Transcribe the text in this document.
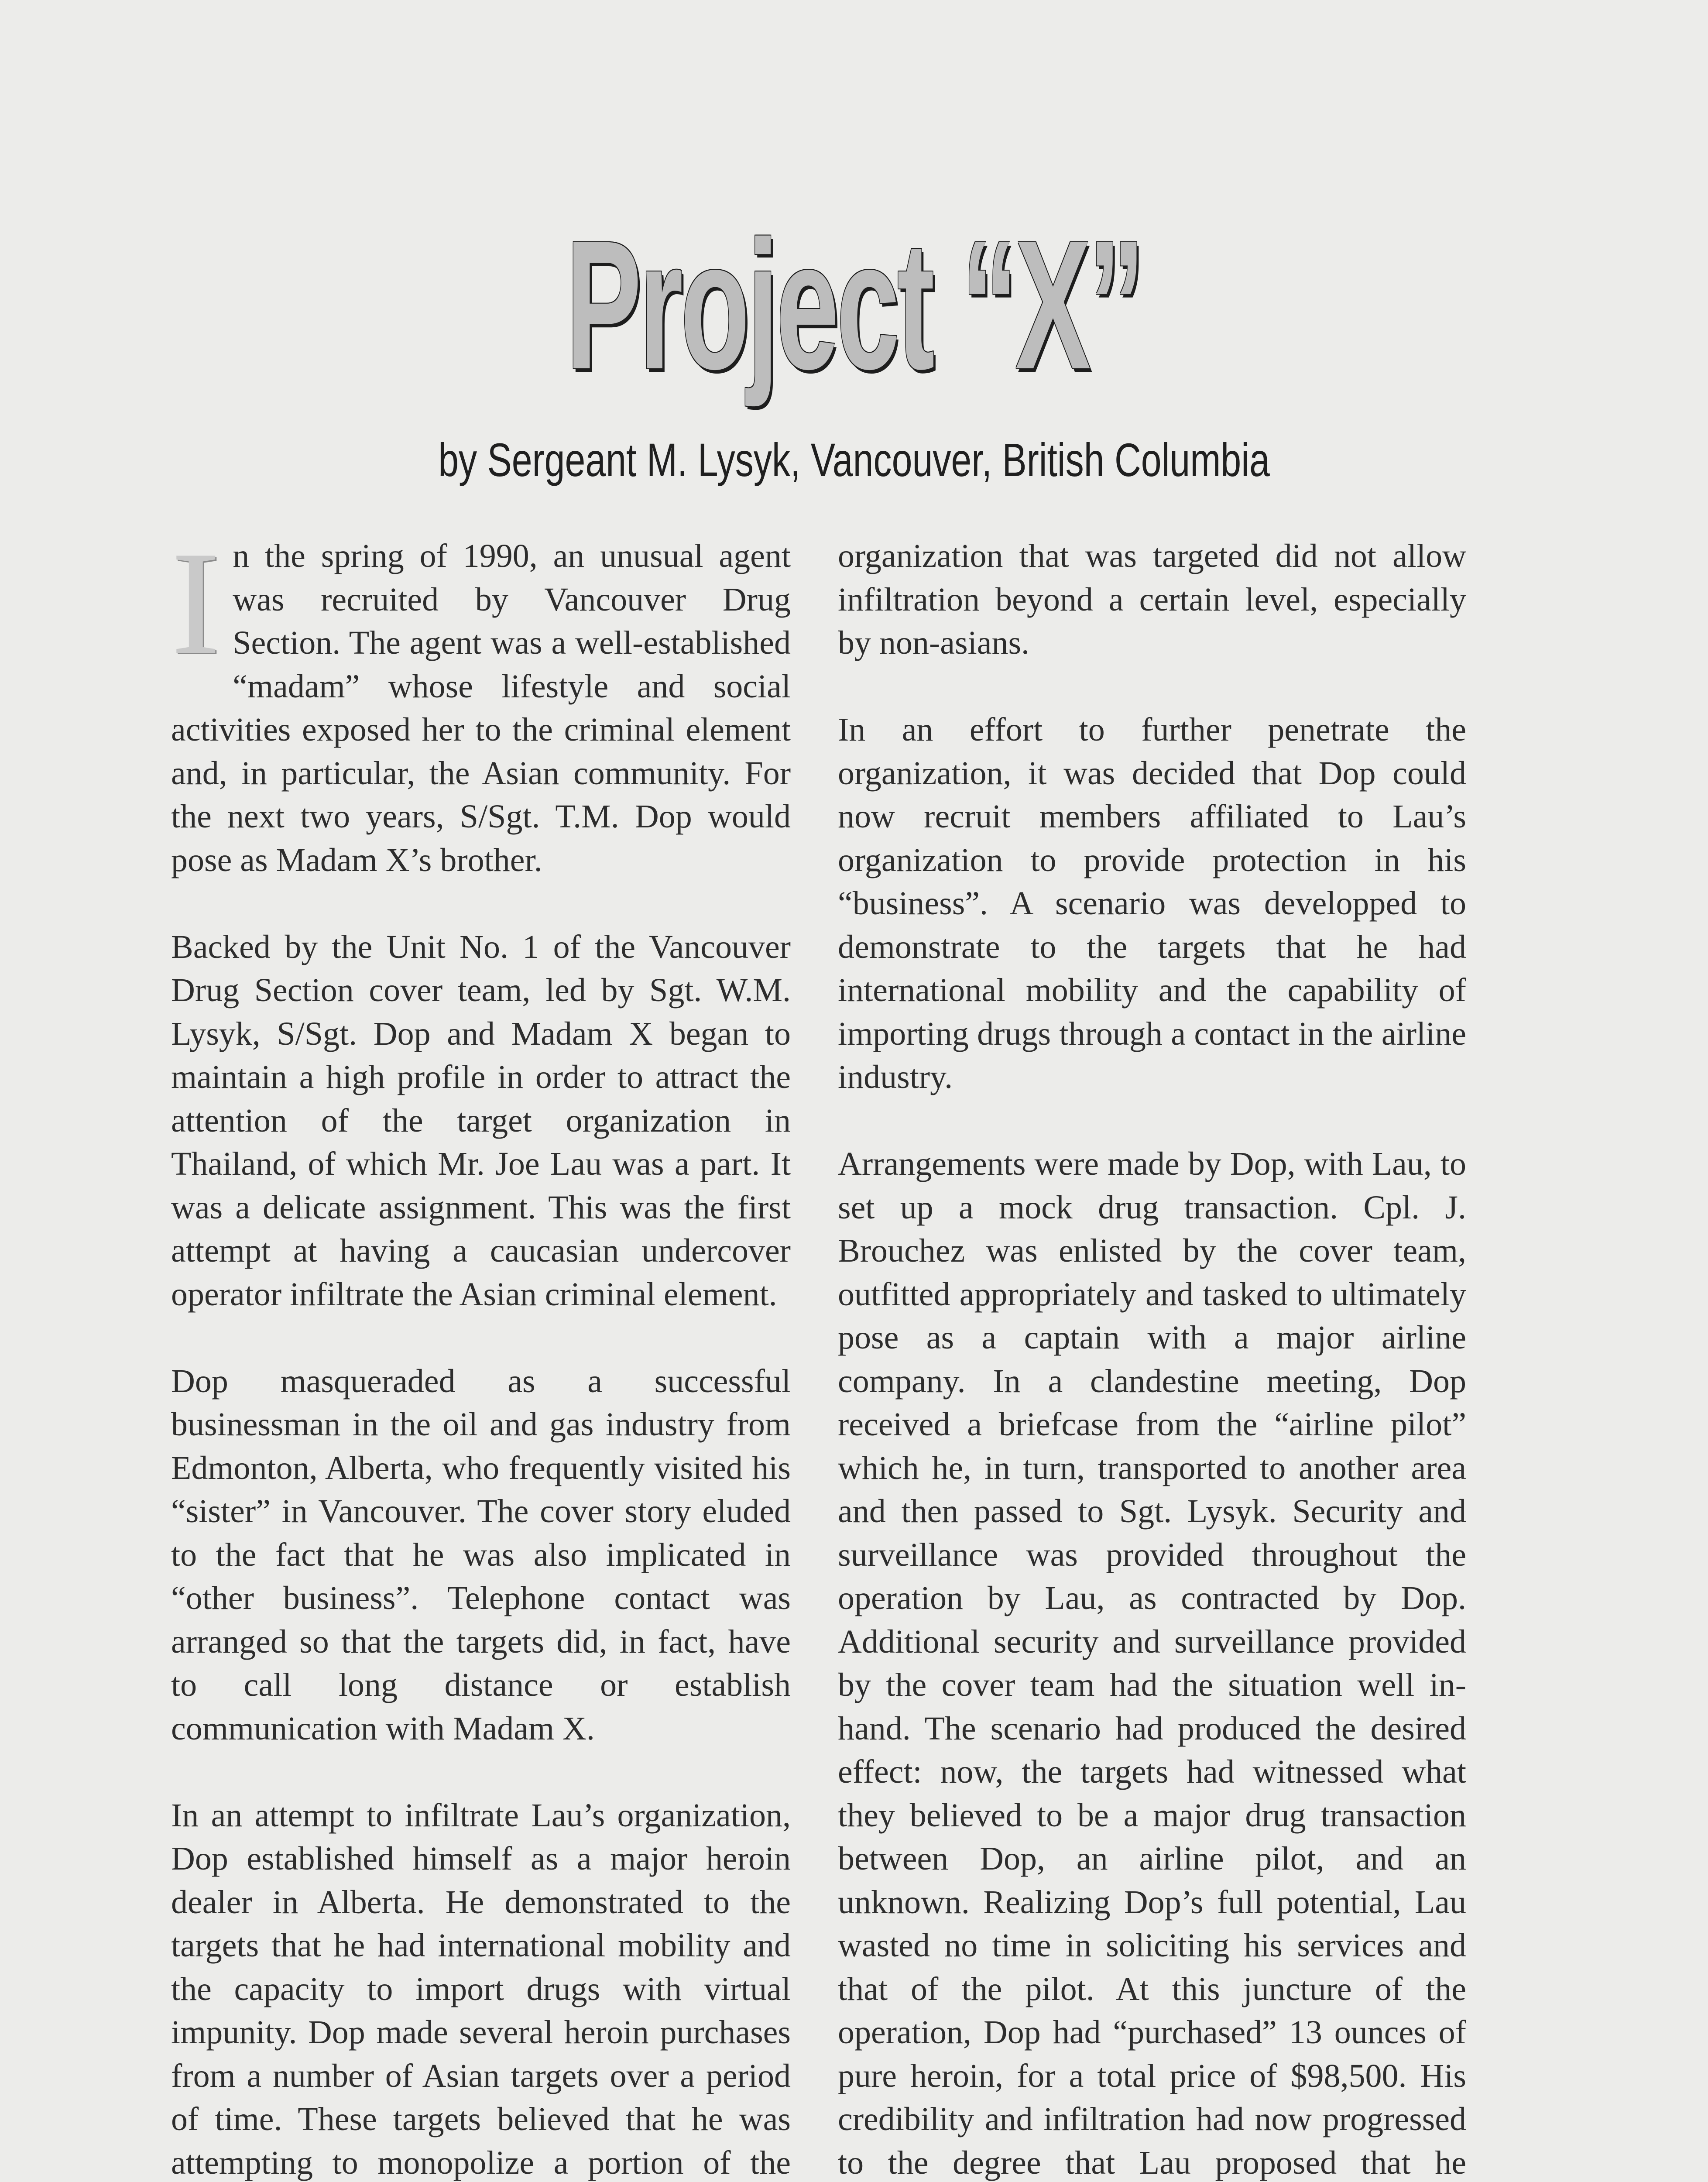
Project “X”
by Sergeant M. Lysyk, Vancouver, British Columbia

In the spring of 1990, an unusual agent was recruited by Vancouver Drug Section. The agent was a well-established “madam” whose lifestyle and social activities exposed her to the criminal element and, in particular, the Asian community. For the next two years, S/Sgt. T.M. Dop would pose as Madam X’s brother.

Backed by the Unit No. 1 of the Vancouver Drug Section cover team, led by Sgt. W.M. Lysyk, S/Sgt. Dop and Madam X began to maintain a high profile in order to attract the attention of the target organization in Thailand, of which Mr. Joe Lau was a part. It was a delicate assignment. This was the first attempt at having a caucasian undercover operator infiltrate the Asian criminal element.

Dop masqueraded as a successful businessman in the oil and gas industry from Edmonton, Alberta, who frequently visited his “sister” in Vancouver. The cover story eluded to the fact that he was also implicated in “other business”. Telephone contact was arranged so that the targets did, in fact, have to call long distance or establish communication with Madam X.

In an attempt to infiltrate Lau’s organization, Dop established himself as a major heroin dealer in Alberta. He demonstrated to the targets that he had international mobility and the capacity to import drugs with virtual impunity. Dop made several heroin purchases from a number of Asian targets over a period of time. These targets believed that he was attempting to monopolize a portion of the

organization that was targeted did not allow infiltration beyond a certain level, especially by non-asians.

In an effort to further penetrate the organization, it was decided that Dop could now recruit members affiliated to Lau’s organization to provide protection in his “business”. A scenario was developped to demonstrate to the targets that he had international mobility and the capability of importing drugs through a contact in the airline industry.

Arrangements were made by Dop, with Lau, to set up a mock drug transaction. Cpl. J. Brouchez was enlisted by the cover team, outfitted appropriately and tasked to ultimately pose as a captain with a major airline company. In a clandestine meeting, Dop received a briefcase from the “airline pilot” which he, in turn, transported to another area and then passed to Sgt. Lysyk. Security and surveillance was provided throughout the operation by Lau, as contracted by Dop. Additional security and surveillance provided by the cover team had the situation well in-hand. The scenario had produced the desired effect: now, the targets had witnessed what they believed to be a major drug transaction between Dop, an airline pilot, and an unknown. Realizing Dop’s full potential, Lau wasted no time in soliciting his services and that of the pilot. At this juncture of the operation, Dop had “purchased” 13 ounces of pure heroin, for a total price of $98,500. His credibility and infiltration had now progressed to the degree that Lau proposed that he
